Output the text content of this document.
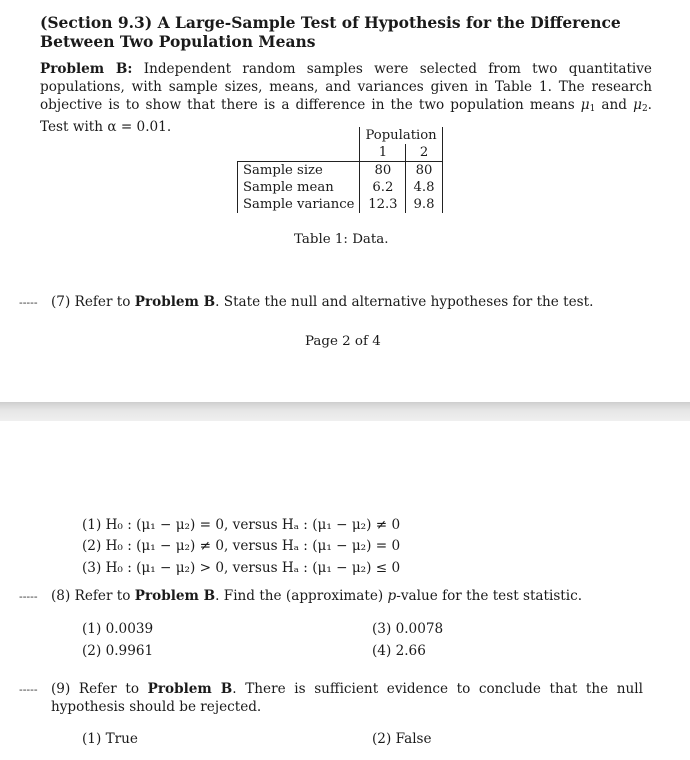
(Section 9.3) A Large-Sample Test of Hypothesis for the Difference Between Two Population Means
Problem B: Independent random samples were selected from two quantitative populations, with sample sizes, means, and variances given in Table 1. The research objective is to show that there is a difference in the two population means $\mu_1$ and $\mu_2$. Test with α = 0.01.
	Population	
	1	2
Sample size	80	80
Sample mean	6.2	4.8
Sample variance	12.3	9.8
Table 1: Data.
----- (7) Refer to Problem B. State the null and alternative hypotheses for the test.
Page 2 of 4
(1) H₀ : (μ₁ − μ₂) = 0, versus Hₐ : (μ₁ − μ₂) ≠ 0
(2) H₀ : (μ₁ − μ₂) ≠ 0, versus Hₐ : (μ₁ − μ₂) = 0
(3) H₀ : (μ₁ − μ₂) > 0, versus Hₐ : (μ₁ − μ₂) ≤ 0
----- (8) Refer to Problem B. Find the (approximate) p-value for the test statistic.
(1) 0.0039
(2) 0.9961
(3) 0.0078
(4) 2.66
----- (9) Refer to Problem B. There is sufficient evidence to conclude that the null hypothesis should be rejected.
(1) True	(2) False
